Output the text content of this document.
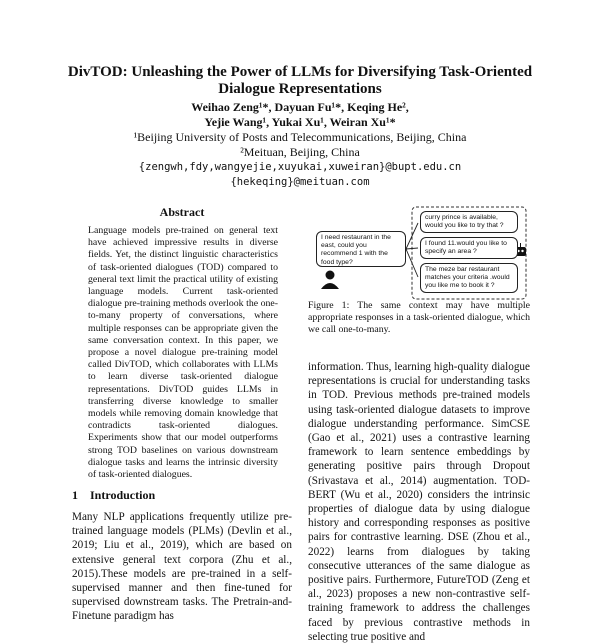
DivTOD: Unleashing the Power of LLMs for Diversifying Task-Oriented Dialogue Representations
Weihao Zeng¹*, Dayuan Fu¹*, Keqing He²,
Yejie Wang¹, Yukai Xu¹, Weiran Xu¹*
¹Beijing University of Posts and Telecommunications, Beijing, China
²Meituan, Beijing, China
{zengwh,fdy,wangyejie,xuyukai,xuweiran}@bupt.edu.cn
{hekeqing}@meituan.com
Abstract
Language models pre-trained on general text have achieved impressive results in diverse fields. Yet, the distinct linguistic characteristics of task-oriented dialogues (TOD) compared to general text limit the practical utility of existing language models. Current task-oriented dialogue pre-training methods overlook the one-to-many property of conversations, where multiple responses can be appropriate given the same conversation context. In this paper, we propose a novel dialogue pre-training model called DivTOD, which collaborates with LLMs to learn diverse task-oriented dialogue representations. DivTOD guides LLMs in transferring diverse knowledge to smaller models while removing domain knowledge that contradicts task-oriented dialogues. Experiments show that our model outperforms strong TOD baselines on various downstream dialogue tasks and learns the intrinsic diversity of task-oriented dialogues.
1 Introduction
Many NLP applications frequently utilize pre-trained language models (PLMs) (Devlin et al., 2019; Liu et al., 2019), which are based on extensive general text corpora (Zhu et al., 2015).These models are pre-trained in a self-supervised manner and then fine-tuned for supervised downstream tasks. The Pretrain-and-Finetune paradigm has
I need restaurant in the east, could you recommend 1 with the food type?
curry prince is available, would you like to try that ?
I found 11.would you like to specify an area ?
The meze bar restaurant matches your criteria .would you like me to book it ?
Figure 1: The same context may have multiple appropriate responses in a task-oriented dialogue, which we call one-to-many.
information. Thus, learning high-quality dialogue representations is crucial for understanding tasks in TOD. Previous methods pre-trained models using task-oriented dialogue datasets to improve dialogue understanding performance. SimCSE (Gao et al., 2021) uses a contrastive learning framework to learn sentence embeddings by generating positive pairs through Dropout (Srivastava et al., 2014) augmentation. TOD-BERT (Wu et al., 2020) considers the intrinsic properties of dialogue data by using dialogue history and corresponding responses as positive pairs for contrastive learning. DSE (Zhou et al., 2022) learns from dialogues by taking consecutive utterances of the same dialogue as positive pairs. Furthermore, FutureTOD (Zeng et al., 2023) proposes a new non-contrastive self-training framework to address the challenges faced by previous contrastive methods in selecting true positive and
